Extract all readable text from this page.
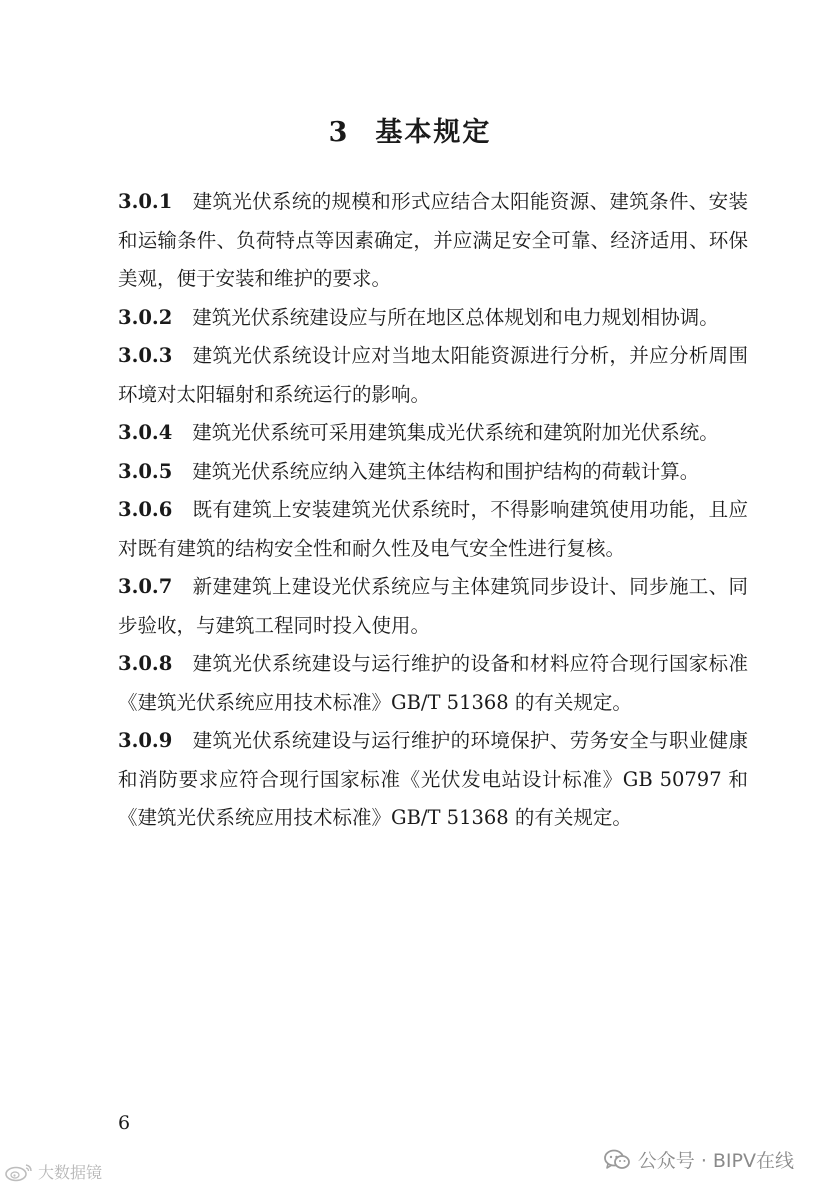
3 基本规定

3.0.1 建筑光伏系统的规模和形式应结合太阳能资源、建筑条件、安装和运输条件、负荷特点等因素确定，并应满足安全可靠、经济适用、环保美观，便于安装和维护的要求。

3.0.2 建筑光伏系统建设应与所在地区总体规划和电力规划相协调。

3.0.3 建筑光伏系统设计应对当地太阳能资源进行分析，并应分析周围环境对太阳辐射和系统运行的影响。

3.0.4 建筑光伏系统可采用建筑集成光伏系统和建筑附加光伏系统。

3.0.5 建筑光伏系统应纳入建筑主体结构和围护结构的荷载计算。

3.0.6 既有建筑上安装建筑光伏系统时，不得影响建筑使用功能，且应对既有建筑的结构安全性和耐久性及电气安全性进行复核。

3.0.7 新建建筑上建设光伏系统应与主体建筑同步设计、同步施工、同步验收，与建筑工程同时投入使用。

3.0.8 建筑光伏系统建设与运行维护的设备和材料应符合现行国家标准《建筑光伏系统应用技术标准》GB/T 51368 的有关规定。

3.0.9 建筑光伏系统建设与运行维护的环境保护、劳务安全与职业健康和消防要求应符合现行国家标准《光伏发电站设计标准》GB 50797 和《建筑光伏系统应用技术标准》GB/T 51368 的有关规定。

6
公众号 · BIPV在线
大数据镜
